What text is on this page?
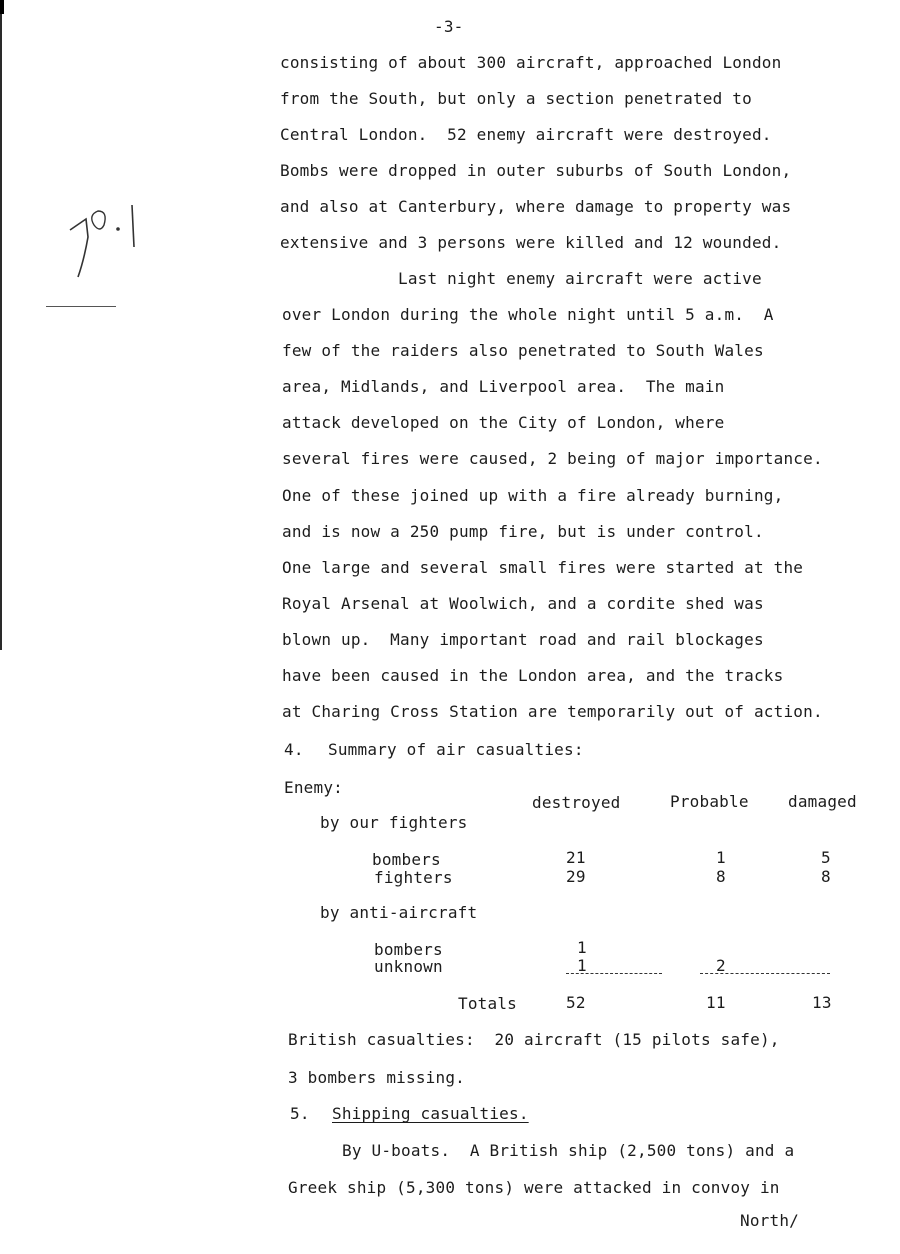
-3-
consisting of about 300 aircraft, approached London
from the South, but only a section penetrated to
Central London.  52 enemy aircraft were destroyed.
Bombs were dropped in outer suburbs of South London,
and also at Canterbury, where damage to property was
extensive and 3 persons were killed and 12 wounded.
Last night enemy aircraft were active
over London during the whole night until 5 a.m.  A
few of the raiders also penetrated to South Wales
area, Midlands, and Liverpool area.  The main
attack developed on the City of London, where
several fires were caused, 2 being of major importance.
One of these joined up with a fire already burning,
and is now a 250 pump fire, but is under control.
One large and several small fires were started at the
Royal Arsenal at Woolwich, and a cordite shed was
blown up.  Many important road and rail blockages
have been caused in the London area, and the tracks
at Charing Cross Station are temporarily out of action.
4. Summary of air casualties:
Enemy:
destroyed	Probable damaged
by our fighters
bombers	21	1	5
fighters	29	8	8
by anti-aircraft
bombers	1
unknown	1	2
Totals	52	11	13
British casualties:  20 aircraft (15 pilots safe),
3 bombers missing.
5. Shipping casualties.
By U-boats.  A British ship (2,500 tons) and a
Greek ship (5,300 tons) were attacked in convoy in
North/
